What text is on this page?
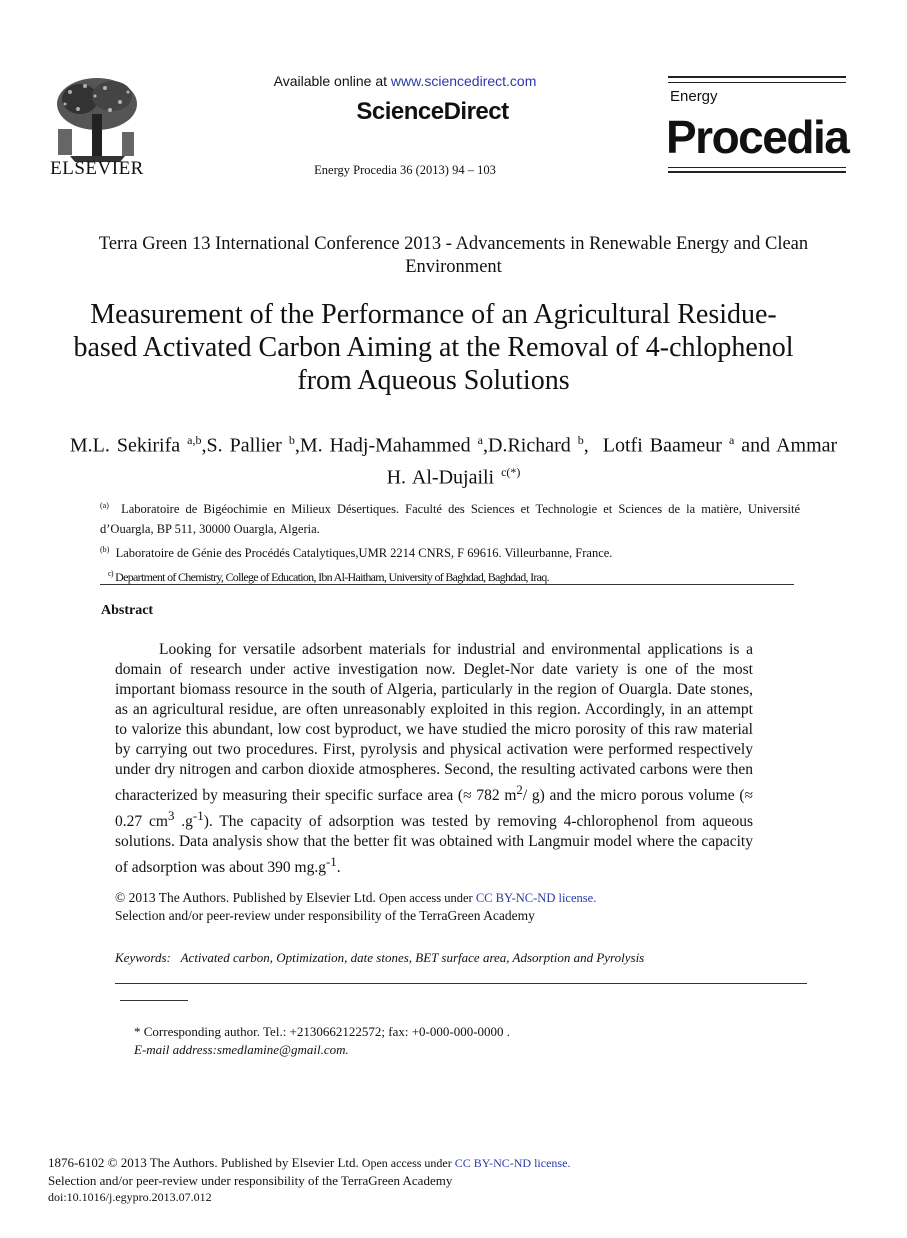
ELSEVIER
Available online at www.sciencedirect.com
ScienceDirect
Energy Procedia 36 (2013) 94 – 103
Energy
Procedia
Terra Green 13 International Conference 2013 - Advancements in Renewable Energy and Clean Environment
Measurement of the Performance of an Agricultural Residue-based Activated Carbon Aiming at the Removal of 4-chlophenol from Aqueous Solutions
M.L. Sekirifa $^{a,b}$,S. Pallier $^b$,M. Hadj-Mahammed $^a$,D.Richard $^b$, Lotfi Baameur $^a$ and Ammar H. Al-Dujaili $^{c(*)}$
$^{(a)}$ Laboratoire de Bigéochimie en Milieux Désertiques. Faculté des Sciences et Technologie et Sciences de la matière, Université d’Ouargla, BP 511, 30000 Ouargla, Algeria.
$^{(b)}$ Laboratoire de Génie des Procédés Catalytiques,UMR 2214 CNRS, F 69616. Villeurbanne, France.
$^{c)}$ Department of Chemistry, College of Education, Ibn Al-Haitham, University of Baghdad, Baghdad, Iraq.
Abstract

Looking for versatile adsorbent materials for industrial and environmental applications is a domain of research under active investigation now. Deglet-Nor date variety is one of the most important biomass resource in the south of Algeria, particularly in the region of Ouargla. Date stones, as an agricultural residue, are often unreasonably exploited in this region. Accordingly, in an attempt to valorize this abundant, low cost byproduct, we have studied the micro porosity of this raw material by carrying out two procedures. First, pyrolysis and physical activation were performed respectively under dry nitrogen and carbon dioxide atmospheres. Second, the resulting activated carbons were then characterized by measuring their specific surface area (≈ 782 $m^2/$ g) and the micro porous volume (≈ 0.27 $cm^3$ $.g^{-1}$). The capacity of adsorption was tested by removing 4-chlorophenol from aqueous solutions. Data analysis show that the better fit was obtained with Langmuir model where the capacity of adsorption was about 390 $mg.g^{-1}$.

© 2013 The Authors. Published by Elsevier Ltd. Open access under CC BY-NC-ND license.
Selection and/or peer-review under responsibility of the TerraGreen Academy
Keywords: Activated carbon, Optimization, date stones, BET surface area, Adsorption and Pyrolysis
* Corresponding author. Tel.: +2130662122572; fax: +0-000-000-0000 .
E-mail address:smedlamine@gmail.com.
1876-6102 © 2013 The Authors. Published by Elsevier Ltd. Open access under CC BY-NC-ND license.
Selection and/or peer-review under responsibility of the TerraGreen Academy
doi:10.1016/j.egypro.2013.07.012
